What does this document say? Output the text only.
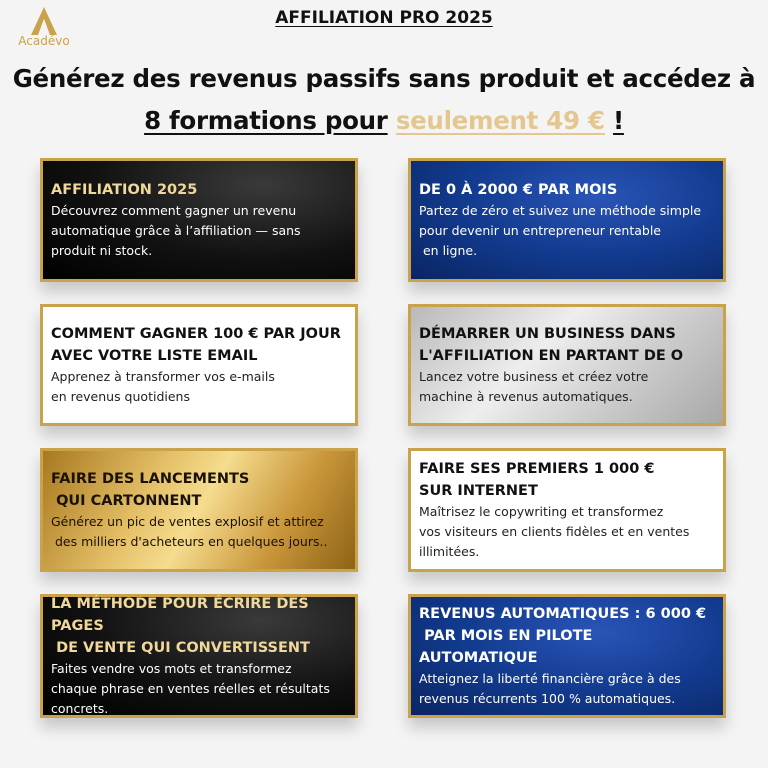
Acadévo
AFFILIATION PRO 2025
Générez des revenus passifs sans produit et accédez à
8 formations pour seulement 49 € !
AFFILIATION 2025
Découvrez comment gagner un revenu
automatique grâce à l’affiliation — sans
produit ni stock.
DE 0 À 2000 € PAR MOIS
Partez de zéro et suivez une méthode simple
pour devenir un entrepreneur rentable
en ligne.
COMMENT GAGNER 100 € PAR JOUR
AVEC VOTRE LISTE EMAIL
Apprenez à transformer vos e-mails
en revenus quotidiens
DÉMARRER UN BUSINESS DANS
L'AFFILIATION EN PARTANT DE O
Lancez votre business et créez votre
machine à revenus automatiques.
FAIRE DES LANCEMENTS
QUI CARTONNENT
Générez un pic de ventes explosif et attirez
des milliers d'acheteurs en quelques jours..
FAIRE SES PREMIERS 1 000 €
SUR INTERNET
Maîtrisez le copywriting et transformez
vos visiteurs en clients fidèles et en ventes
illimitées.
LA MÉTHODE POUR ÉCRIRE DES PAGES
DE VENTE QUI CONVERTISSENT
Faites vendre vos mots et transformez
chaque phrase en ventes réelles et résultats
concrets.
REVENUS AUTOMATIQUES : 6 000 €
PAR MOIS EN PILOTE AUTOMATIQUE
Atteignez la liberté financière grâce à des
revenus récurrents 100 % automatiques.
